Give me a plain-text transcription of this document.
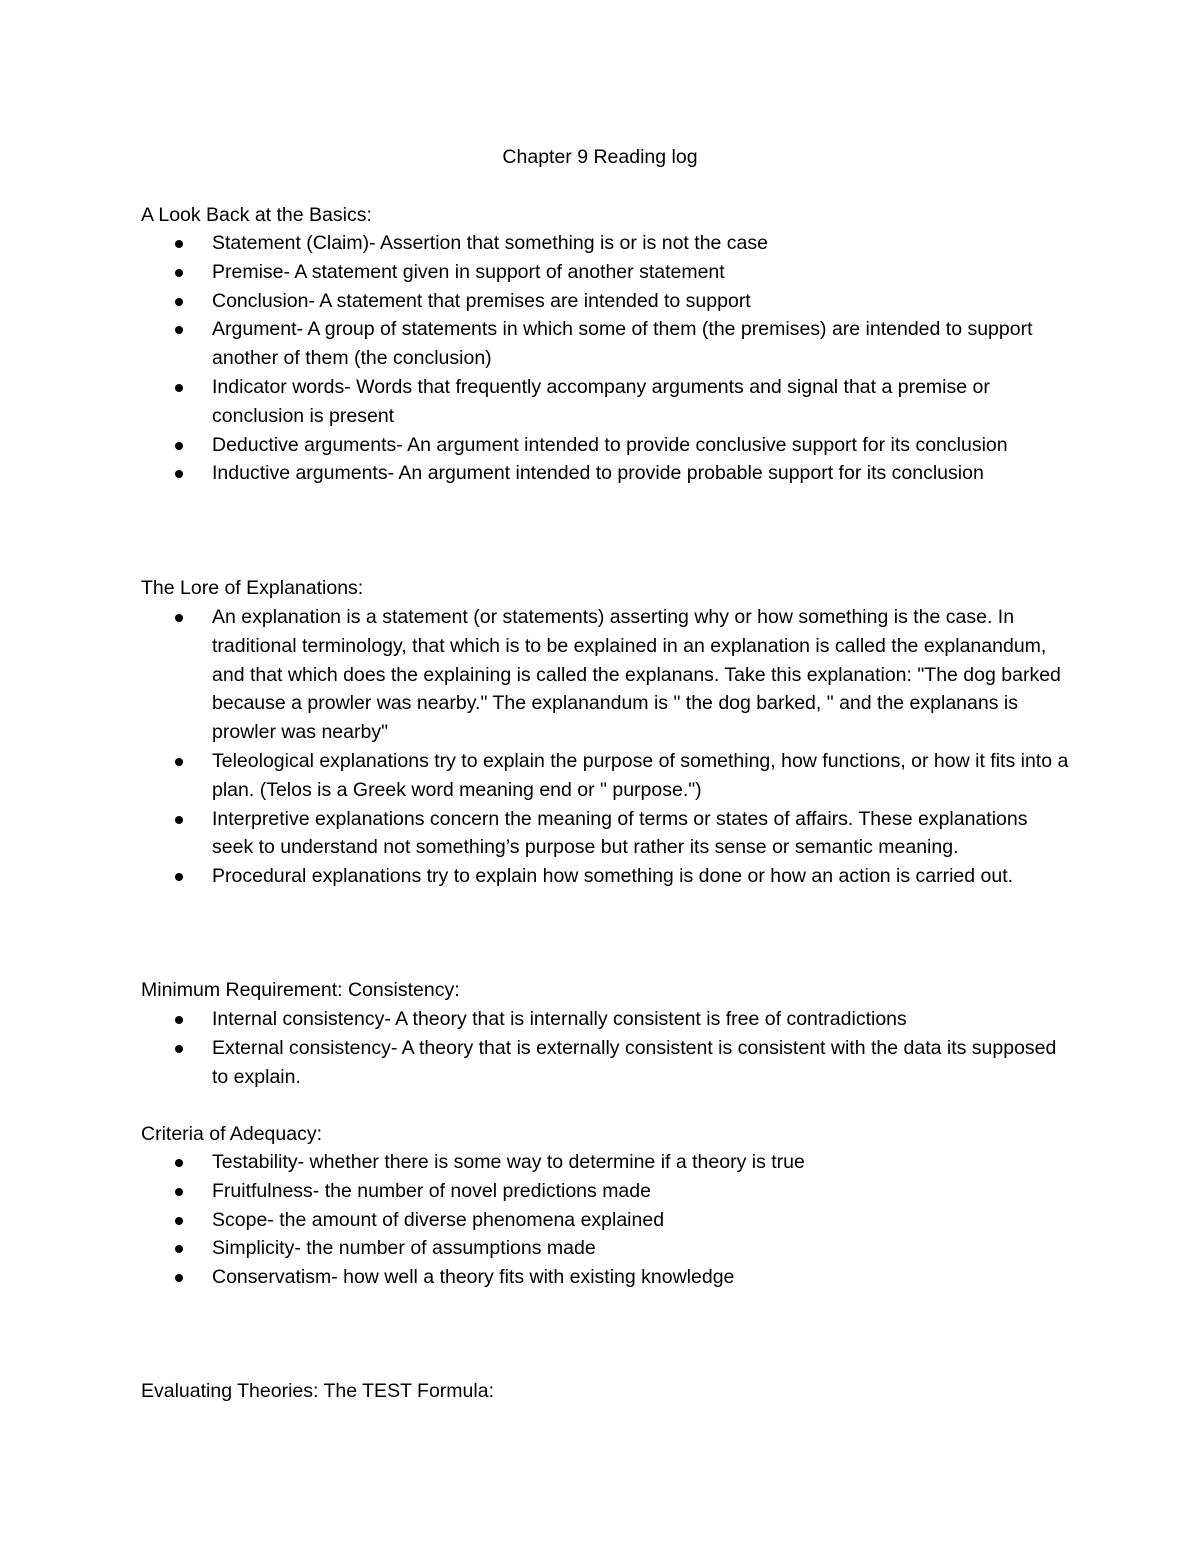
Chapter 9 Reading log
A Look Back at the Basics:
Statement (Claim)- Assertion that something is or is not the case
Premise- A statement given in support of another statement
Conclusion- A statement that premises are intended to support
Argument- A group of statements in which some of them (the premises) are intended to support another of them (the conclusion)
Indicator words- Words that frequently accompany arguments and signal that a premise or conclusion is present
Deductive arguments- An argument intended to provide conclusive support for its conclusion
Inductive arguments- An argument intended to provide probable support for its conclusion
The Lore of Explanations:
An explanation is a statement (or statements) asserting why or how something is the case. In traditional terminology, that which is to be explained in an explanation is called the explanandum, and that which does the explaining is called the explanans. Take this explanation: "The dog barked because a prowler was nearby." The explanandum is " the dog barked, " and the explanans is prowler was nearby"
Teleological explanations try to explain the purpose of something, how functions, or how it fits into a plan. (Telos is a Greek word meaning end or " purpose.")
Interpretive explanations concern the meaning of terms or states of affairs. These explanations seek to understand not something’s purpose but rather its sense or semantic meaning.
Procedural explanations try to explain how something is done or how an action is carried out.
Minimum Requirement: Consistency:
Internal consistency- A theory that is internally consistent is free of contradictions
External consistency- A theory that is externally consistent is consistent with the data its supposed to explain.
Criteria of Adequacy:
Testability- whether there is some way to determine if a theory is true
Fruitfulness- the number of novel predictions made
Scope- the amount of diverse phenomena explained
Simplicity- the number of assumptions made
Conservatism- how well a theory fits with existing knowledge
Evaluating Theories: The TEST Formula:
